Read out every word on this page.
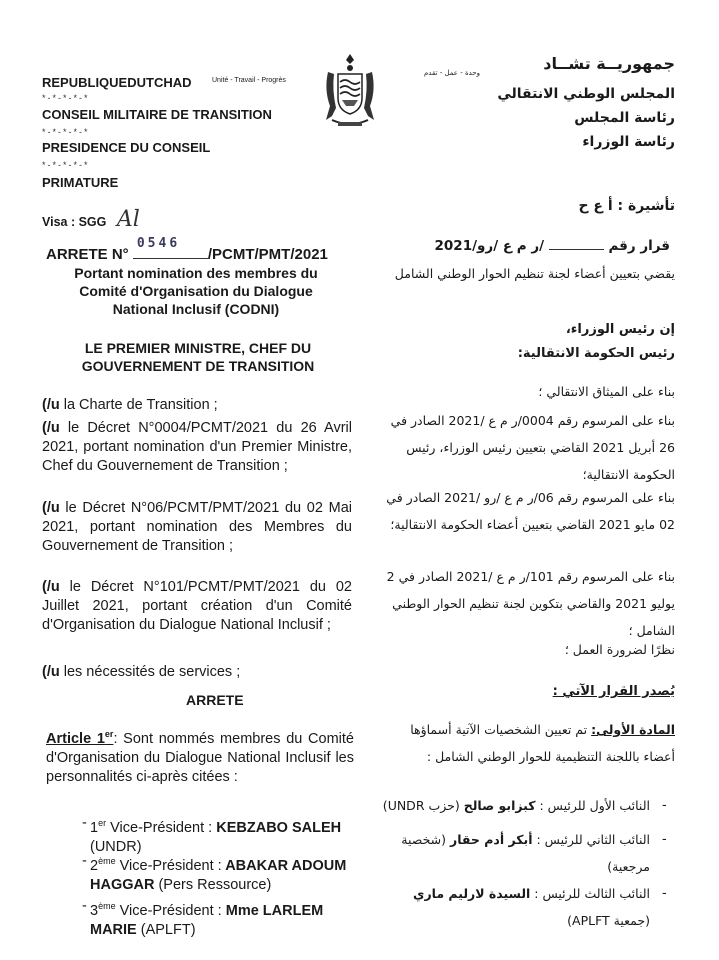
REPUBLIQUEDUTCHAD	Unité - Travail - Progrès
*-*-*-*-*
CONSEIL MILITAIRE DE TRANSITION
*-*-*-*-*
PRESIDENCE DU CONSEIL
*-*-*-*-*
PRIMATURE
جمهوريــة تشــاد
المجلس الوطني الانتقالي
رئاسة المجلس
رئاسة الوزراء
وحدة - عمل - تقدم
Visa : SGG Al
تأشيرة : أ ع ح
ARRETE N°
0546
/PCMT/PMT/2021	قرار رقم  /ر م ع /رو/2021
Portant nomination des membres du Comité d'Organisation du Dialogue National Inclusif (CODNI)
يقضي بتعيين أعضاء لجنة تنظيم الحوار الوطني الشامل
LE PREMIER MINISTRE, CHEF DU GOUVERNEMENT DE TRANSITION
إن رئيس الوزراء،
رئيس الحكومة الانتقالية:
(/u la Charte de Transition ;
(/u le Décret N°0004/PCMT/2021 du 26 Avril 2021, portant nomination d'un Premier Ministre, Chef du Gouvernement de Transition ;
(/u le Décret N°06/PCMT/PMT/2021 du 02 Mai 2021, portant nomination des Membres du Gouvernement de Transition ;
(/u le Décret N°101/PCMT/PMT/2021 du 02 Juillet 2021, portant création d'un Comité d'Organisation du Dialogue National Inclusif ;
(/u les nécessités de services ;
بناء على الميثاق الانتقالي ؛
بناء على المرسوم رقم 0004/ر م ع /2021 الصادر في 26 أبريل 2021 القاضي بتعيين رئيس الوزراء، رئيس الحكومة الانتقالية؛
بناء على المرسوم رقم 06/ر م ع /رو /2021 الصادر في 02 مايو 2021 القاضي بتعيين أعضاء الحكومة الانتقالية؛
بناء على المرسوم رقم 101/ر م ع /2021 الصادر في 2 يوليو 2021 والقاضي بتكوين لجنة تنظيم الحوار الوطني الشامل ؛
نظرًا لضرورة العمل ؛
ARRETE
يُصدر القرار الآتي :
Article 1er: Sont nommés membres du Comité d'Organisation du Dialogue National Inclusif les personnalités ci-après citées :
المادة الأولى: تم تعيين الشخصيات الآتية أسماؤها أعضاء باللجنة التنظيمية للحوار الوطني الشامل :
- 1er Vice-Président : KEBZABO SALEH
(UNDR)
- 2ème Vice-Président : ABAKAR ADOUM HAGGAR (Pers Ressource)
- 3ème Vice-Président : Mme LARLEM MARIE (APLFT)
النائب الأول للرئيس : كبزابو صالح (حزب UNDR)	-
النائب الثاني للرئيس : أبكر أدم حقار (شخصية مرجعية)
-
النائب الثالث للرئيس : السيدة لارليم ماري (جمعية APLFT)
-
